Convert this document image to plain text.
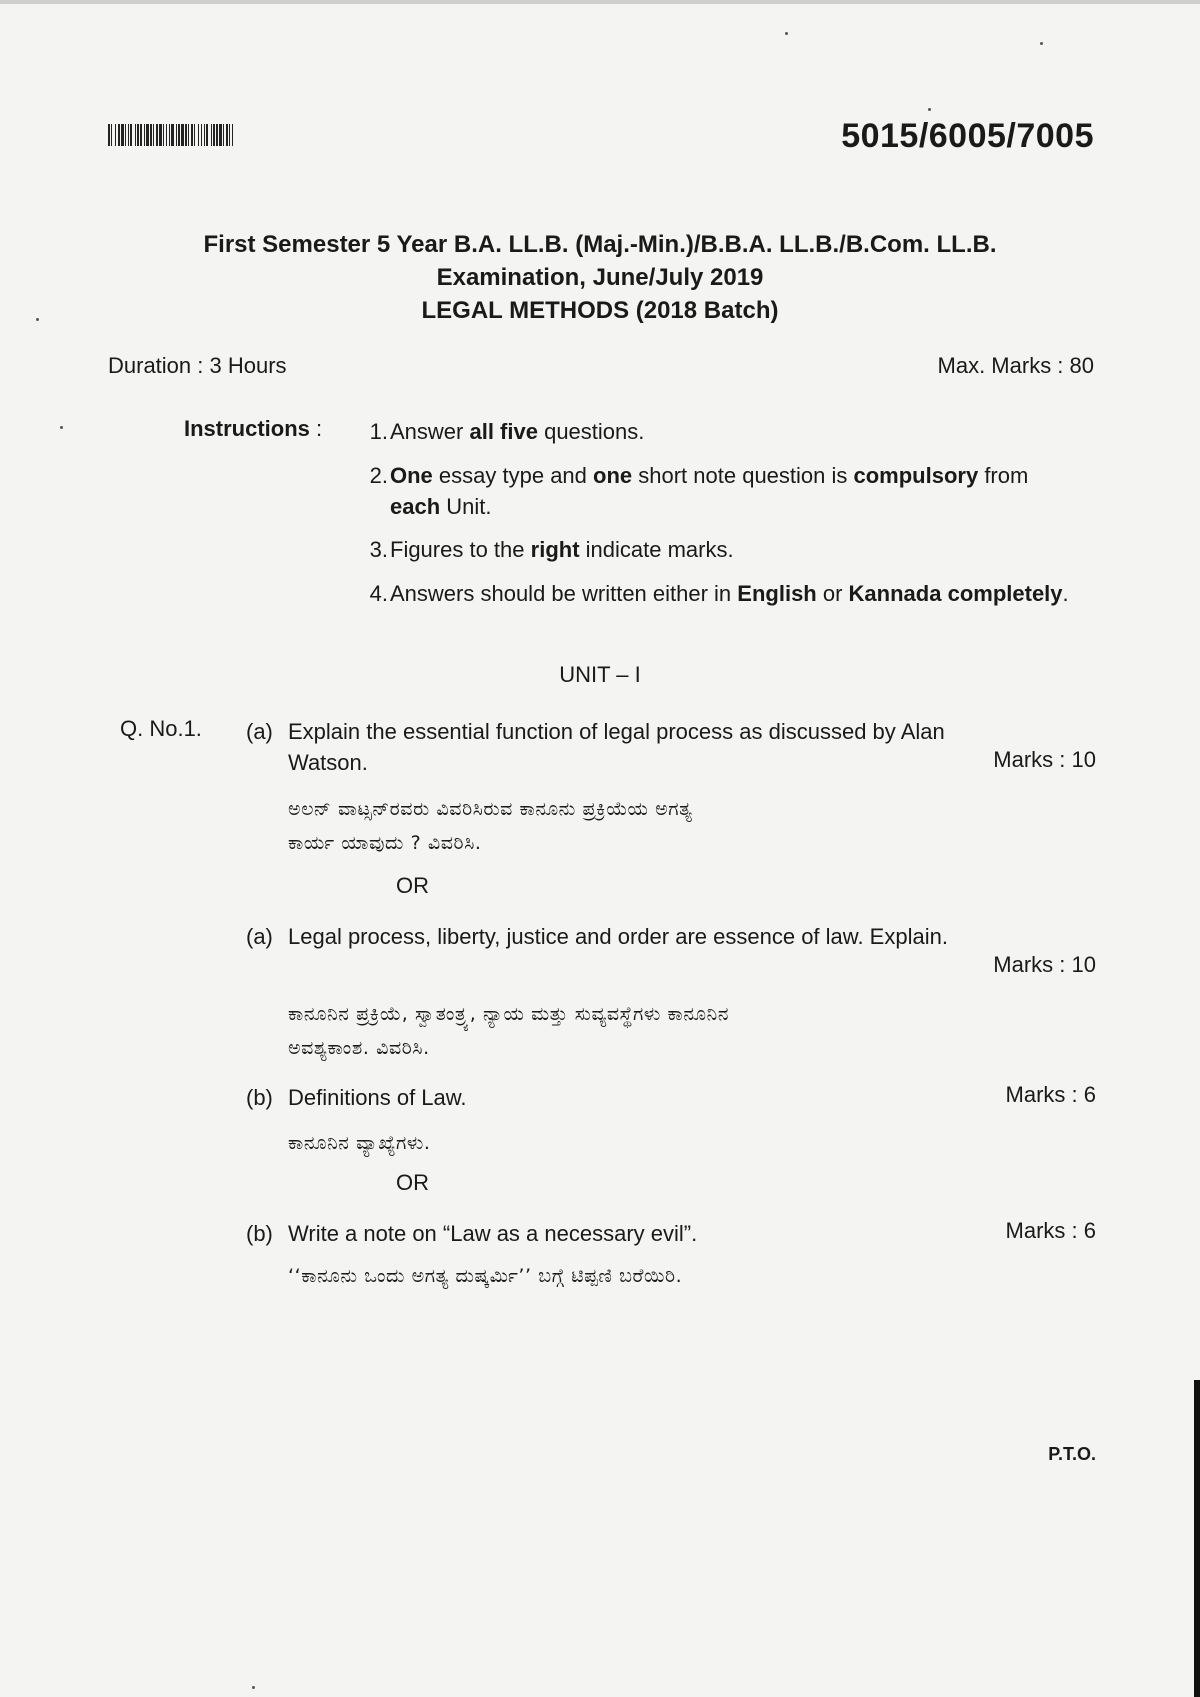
5015/6005/7005
First Semester 5 Year B.A. LL.B. (Maj.-Min.)/B.B.A. LL.B./B.Com. LL.B.
Examination, June/July 2019
LEGAL METHODS (2018 Batch)
Duration : 3 Hours	Max. Marks : 80
Instructions :	1. Answer all five questions.
2. One essay type and one short note question is compulsory from each Unit.
3. Figures to the right indicate marks.
4. Answers should be written either in English or Kannada completely.
UNIT – I
Q. No.1. (a) Explain the essential function of legal process as discussed by Alan Watson.	Marks : 10
ಅಲನ್ ವಾಟ್ಸನ್‌ರವರು ವಿವರಿಸಿರುವ ಕಾನೂನು ಪ್ರಕ್ರಿಯೆಯ ಅಗತ್ಯ
ಕಾರ್ಯ ಯಾವುದು ? ವಿವರಿಸಿ.
OR
(a) Legal process, liberty, justice and order are essence of law. Explain.
Marks : 10
ಕಾನೂನಿನ ಪ್ರಕ್ರಿಯೆ, ಸ್ವಾತಂತ್ರ್ಯ, ನ್ಯಾಯ ಮತ್ತು ಸುವ್ಯವಸ್ಥೆಗಳು ಕಾನೂನಿನ
ಅವಶ್ಯಕಾಂಶ. ವಿವರಿಸಿ.
(b) Definitions of Law.	Marks : 6
ಕಾನೂನಿನ ವ್ಯಾಖ್ಯೆಗಳು.
OR
(b) Write a note on “Law as a necessary evil”.	Marks : 6
‘‘ಕಾನೂನು ಒಂದು ಅಗತ್ಯ ದುಷ್ಕರ್ಮಿ’’ ಬಗ್ಗೆ ಟಿಪ್ಪಣಿ ಬರೆಯಿರಿ.
P.T.O.
